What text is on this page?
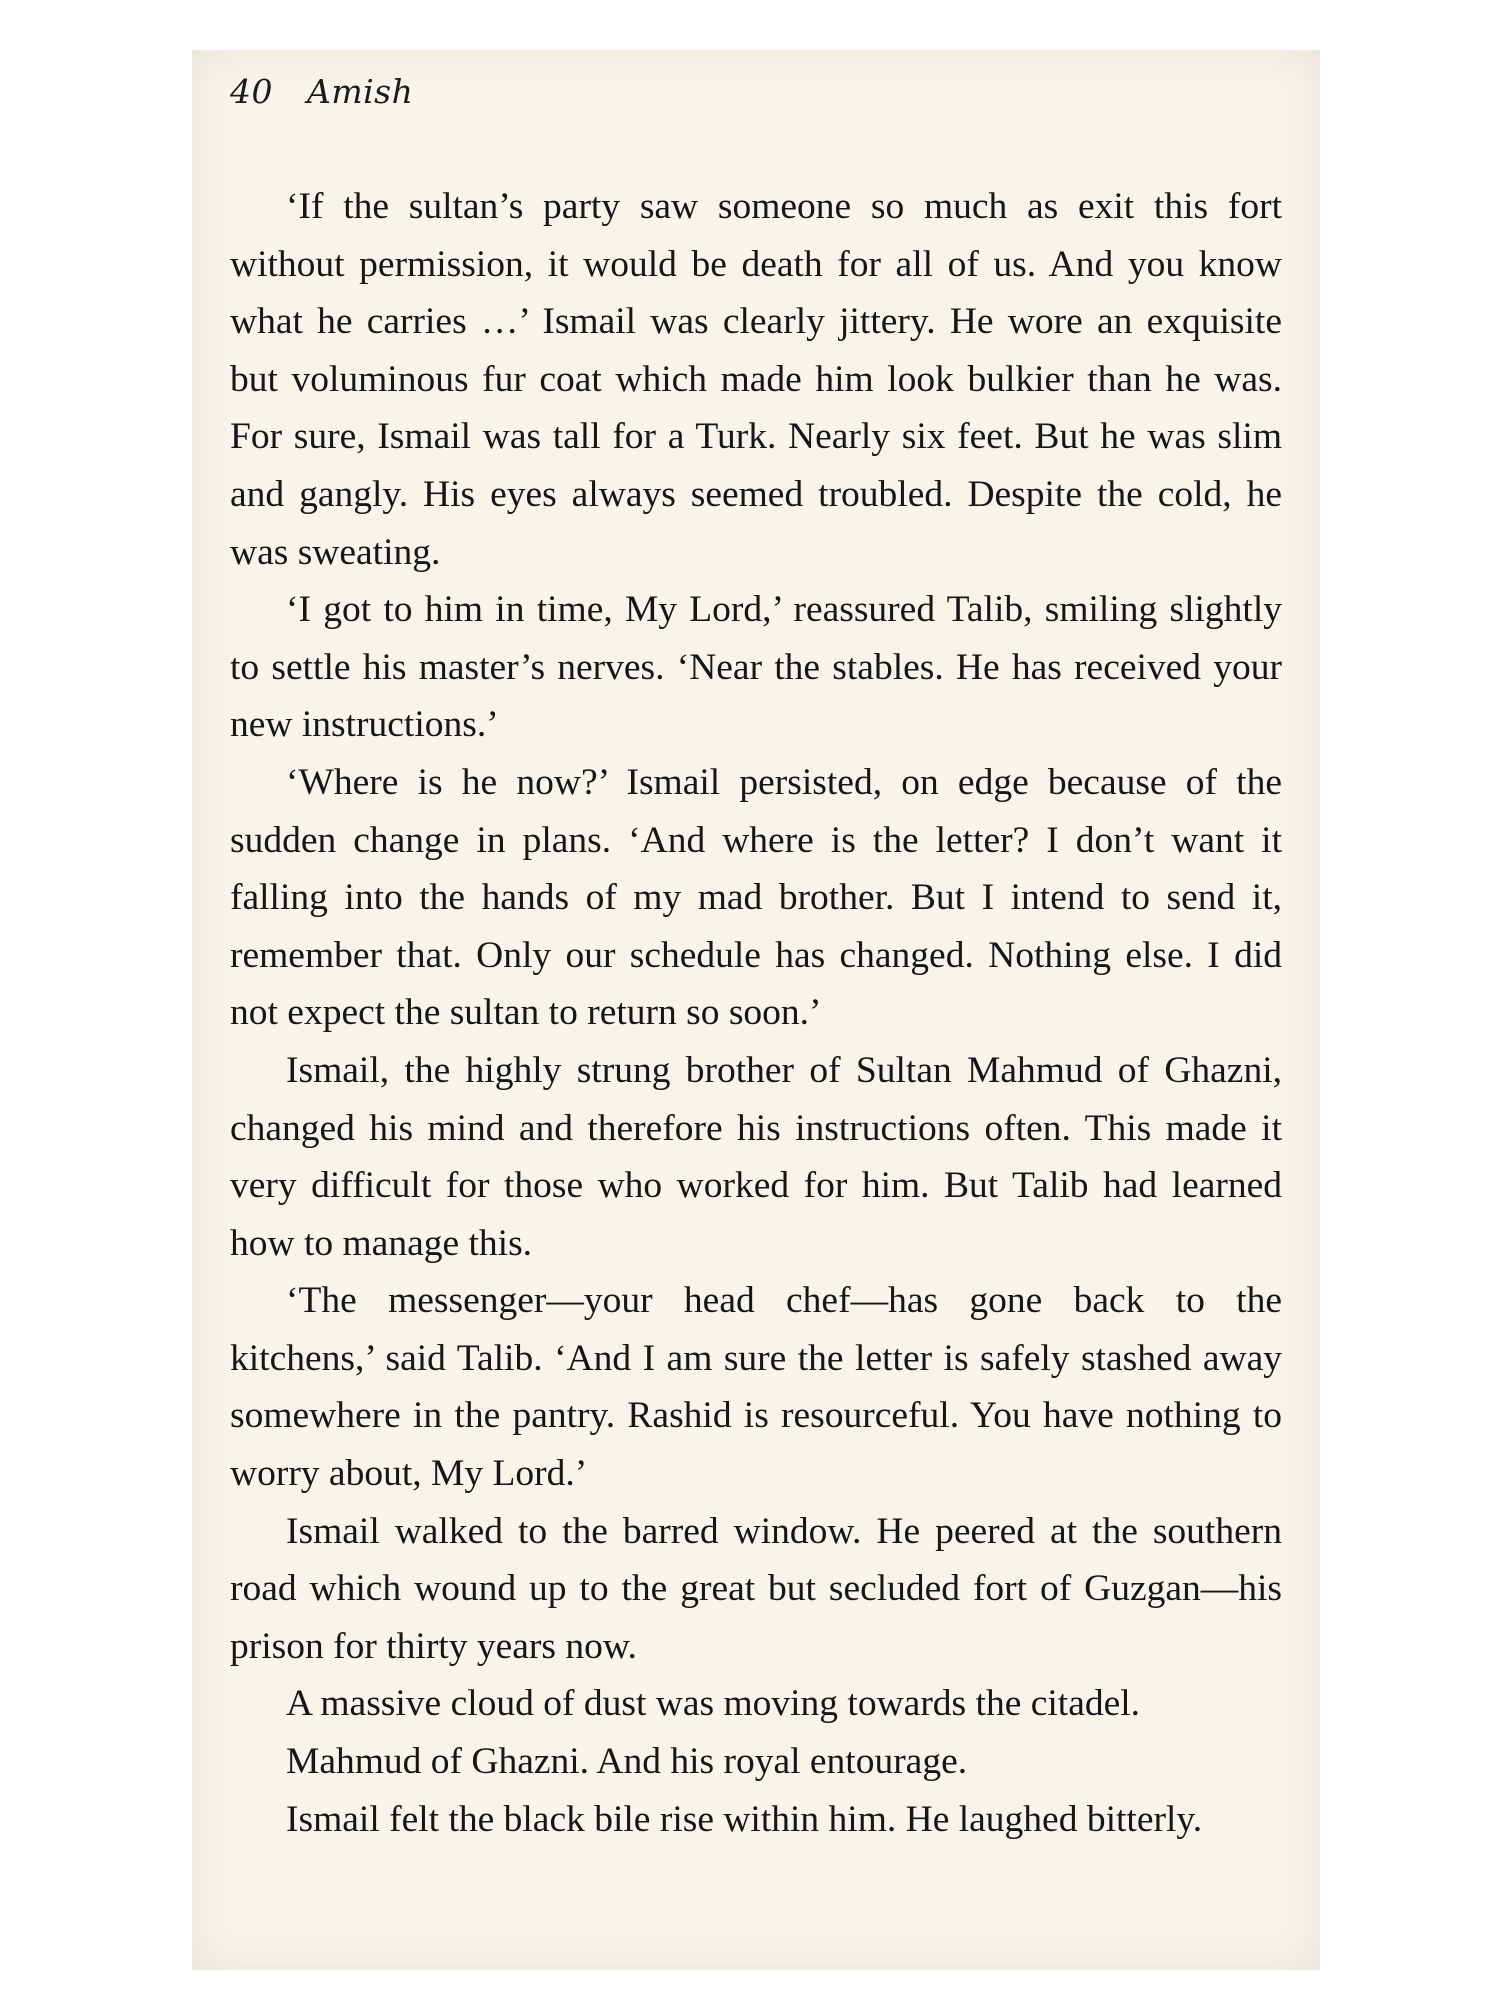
40 Amish

‘If the sultan’s party saw someone so much as exit this fort without permission, it would be death for all of us. And you know what he carries …’ Ismail was clearly jittery. He wore an exquisite but voluminous fur coat which made him look bulkier than he was. For sure, Ismail was tall for a Turk. Nearly six feet. But he was slim and gangly. His eyes always seemed troubled. Despite the cold, he was sweating.

‘I got to him in time, My Lord,’ reassured Talib, smiling slightly to settle his master’s nerves. ‘Near the stables. He has received your new instructions.’

‘Where is he now?’ Ismail persisted, on edge because of the sudden change in plans. ‘And where is the letter? I don’t want it falling into the hands of my mad brother. But I intend to send it, remember that. Only our schedule has changed. Nothing else. I did not expect the sultan to return so soon.’

Ismail, the highly strung brother of Sultan Mahmud of Ghazni, changed his mind and therefore his instructions often. This made it very difficult for those who worked for him. But Talib had learned how to manage this.

‘The messenger—your head chef—has gone back to the kitchens,’ said Talib. ‘And I am sure the letter is safely stashed away somewhere in the pantry. Rashid is resourceful. You have nothing to worry about, My Lord.’

Ismail walked to the barred window. He peered at the southern road which wound up to the great but secluded fort of Guzgan—his prison for thirty years now.

A massive cloud of dust was moving towards the citadel.

Mahmud of Ghazni. And his royal entourage.

Ismail felt the black bile rise within him. He laughed bitterly.
